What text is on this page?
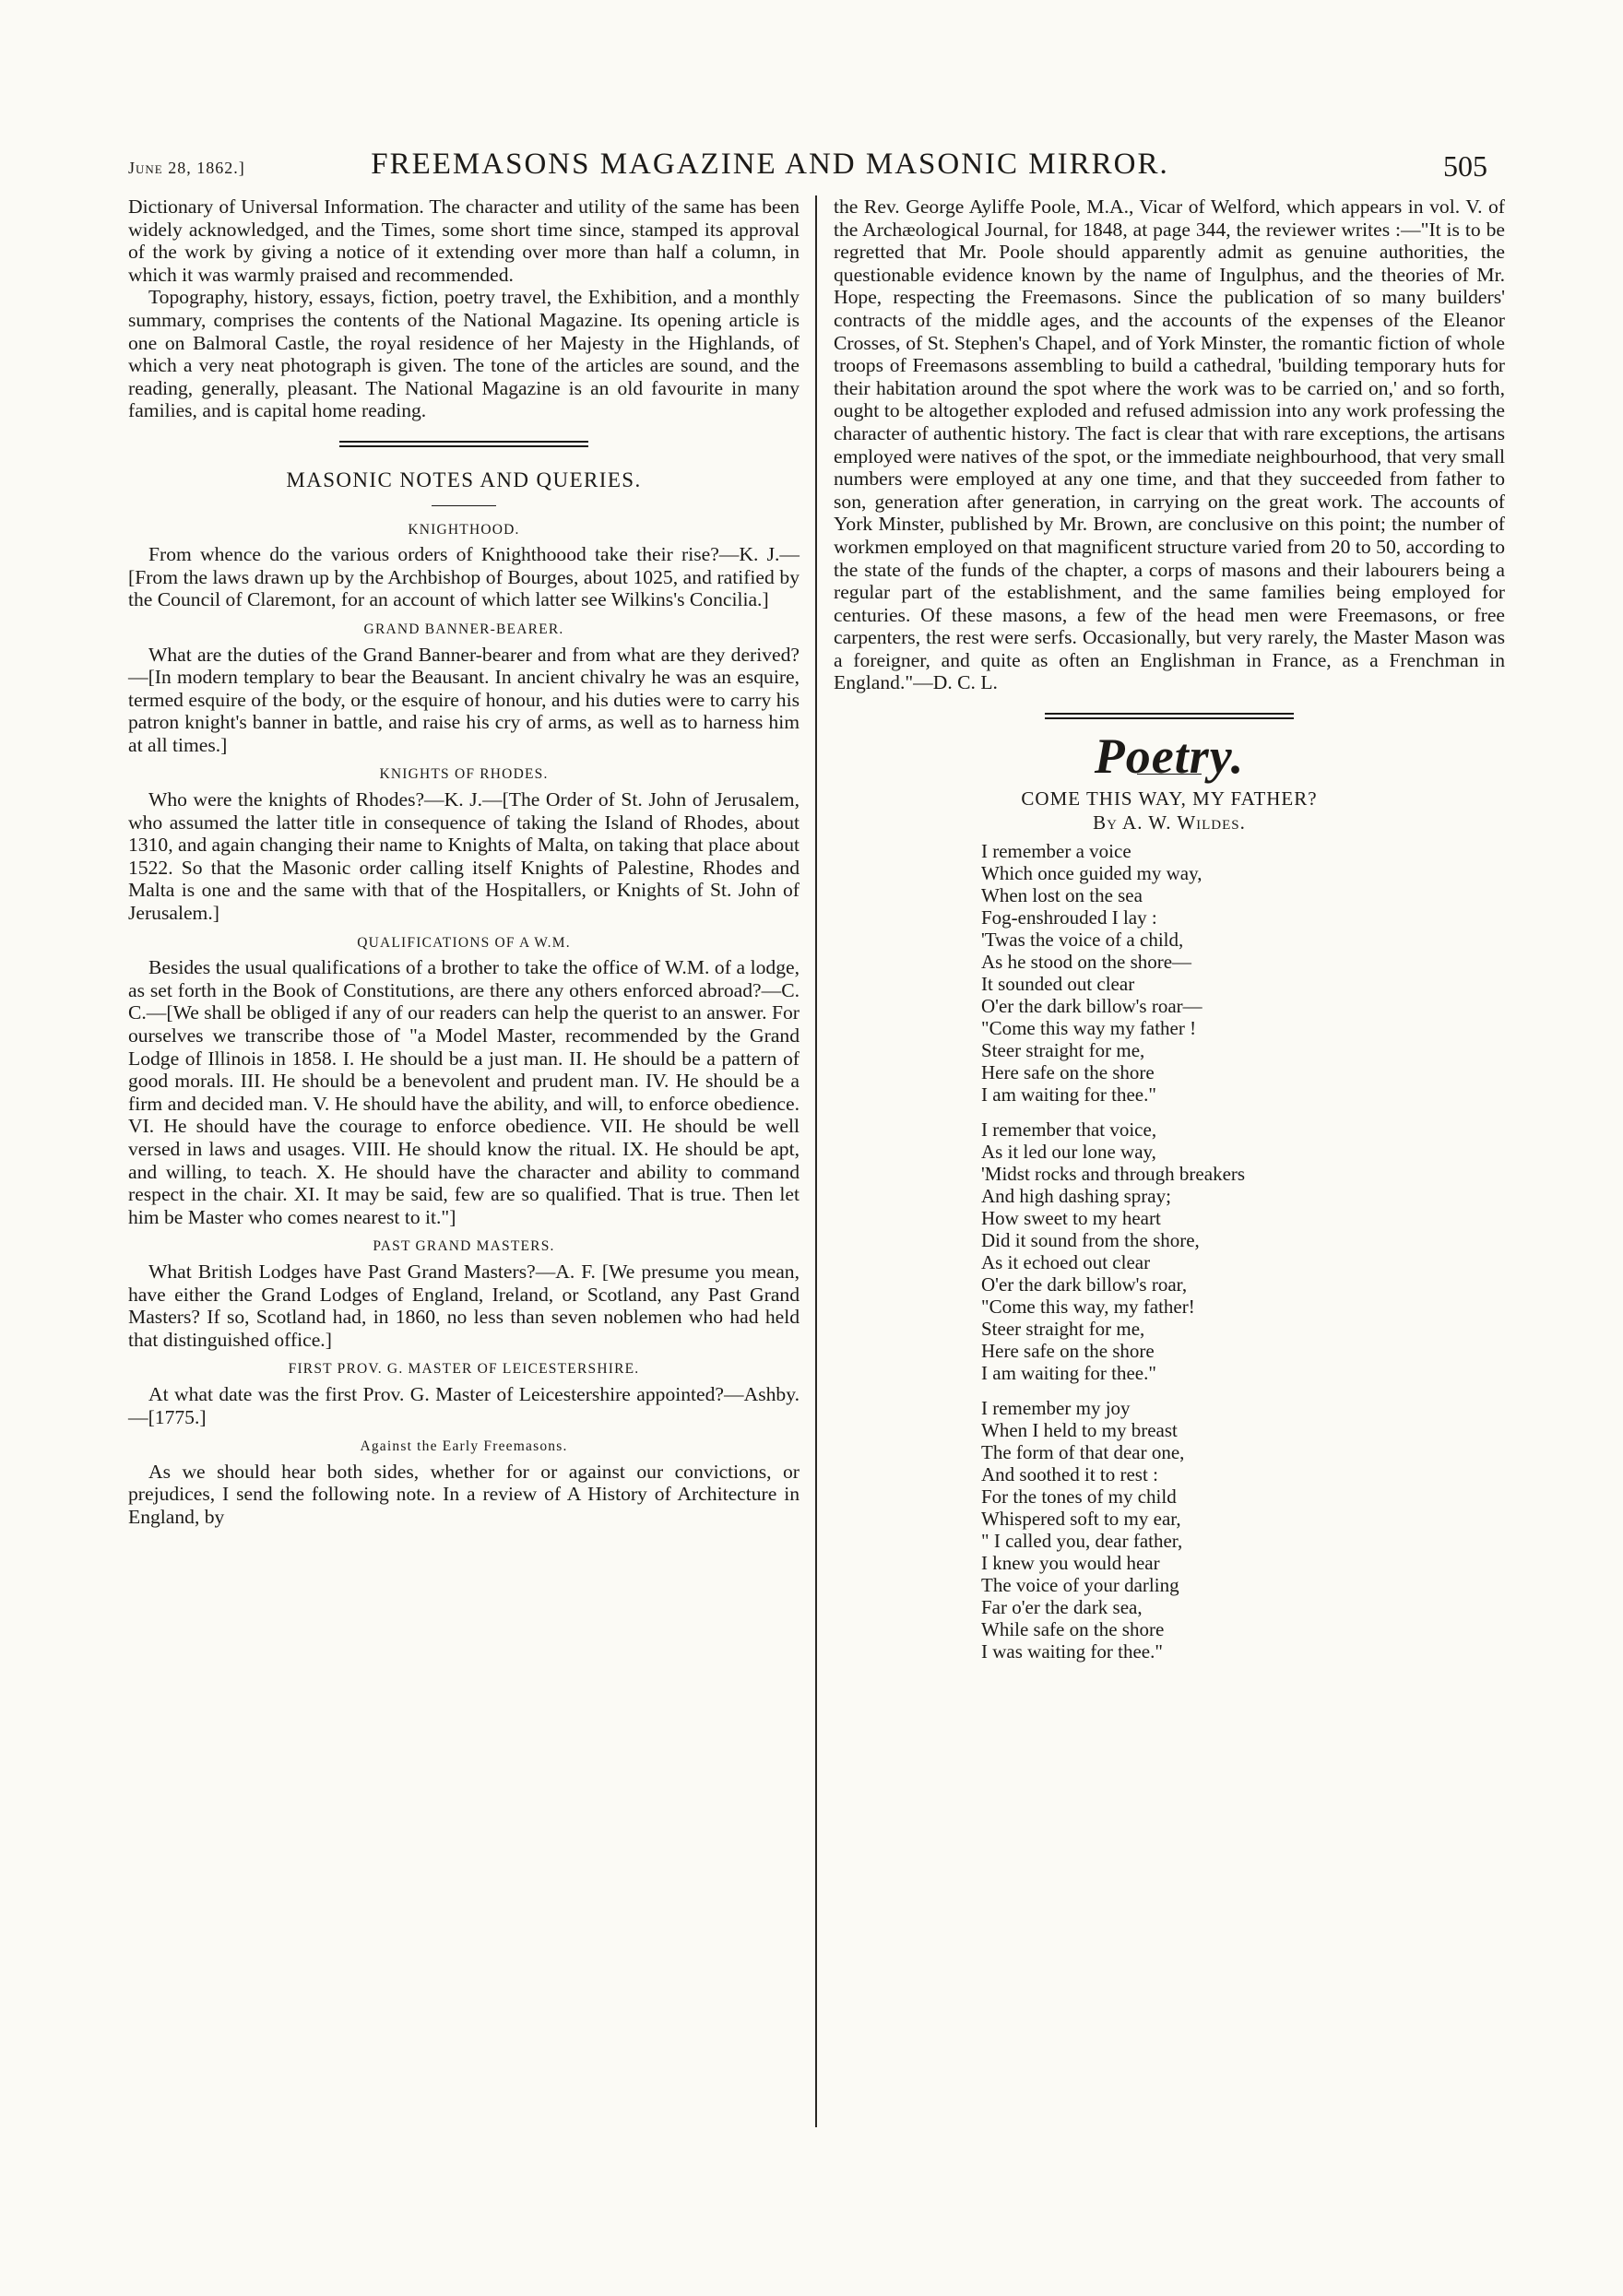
June 28, 1862.]	FREEMASONS MAGAZINE AND MASONIC MIRROR.	505

Dictionary of Universal Information. The character and utility of the same has been widely acknowledged, and the Times, some short time since, stamped its approval of the work by giving a notice of it extending over more than half a column, in which it was warmly praised and recommended.

Topography, history, essays, fiction, poetry travel, the Exhibition, and a monthly summary, comprises the contents of the National Magazine. Its opening article is one on Balmoral Castle, the royal residence of her Majesty in the Highlands, of which a very neat photograph is given. The tone of the articles are sound, and the reading, generally, pleasant. The National Magazine is an old favourite in many families, and is capital home reading.

MASONIC NOTES AND QUERIES.
KNIGHTHOOD.

From whence do the various orders of Knighthoood take their rise?—K. J.—[From the laws drawn up by the Archbishop of Bourges, about 1025, and ratified by the Council of Claremont, for an account of which latter see Wilkins's Concilia.]

GRAND BANNER-BEARER.

What are the duties of the Grand Banner-bearer and from what are they derived?—[In modern templary to bear the Beausant. In ancient chivalry he was an esquire, termed esquire of the body, or the esquire of honour, and his duties were to carry his patron knight's banner in battle, and raise his cry of arms, as well as to harness him at all times.]

KNIGHTS OF RHODES.

Who were the knights of Rhodes?—K. J.—[The Order of St. John of Jerusalem, who assumed the latter title in consequence of taking the Island of Rhodes, about 1310, and again changing their name to Knights of Malta, on taking that place about 1522. So that the Masonic order calling itself Knights of Palestine, Rhodes and Malta is one and the same with that of the Hospitallers, or Knights of St. John of Jerusalem.]

QUALIFICATIONS OF A W.M.

Besides the usual qualifications of a brother to take the office of W.M. of a lodge, as set forth in the Book of Constitutions, are there any others enforced abroad?—C. C.—[We shall be obliged if any of our readers can help the querist to an answer. For ourselves we transcribe those of "a Model Master, recommended by the Grand Lodge of Illinois in 1858. I. He should be a just man. II. He should be a pattern of good morals. III. He should be a benevolent and prudent man. IV. He should be a firm and decided man. V. He should have the ability, and will, to enforce obedience. VI. He should have the courage to enforce obedience. VII. He should be well versed in laws and usages. VIII. He should know the ritual. IX. He should be apt, and willing, to teach. X. He should have the character and ability to command respect in the chair. XI. It may be said, few are so qualified. That is true. Then let him be Master who comes nearest to it."]

PAST GRAND MASTERS.

What British Lodges have Past Grand Masters?—A. F. [We presume you mean, have either the Grand Lodges of England, Ireland, or Scotland, any Past Grand Masters? If so, Scotland had, in 1860, no less than seven noblemen who had held that distinguished office.]

FIRST PROV. G. MASTER OF LEICESTERSHIRE.

At what date was the first Prov. G. Master of Leicestershire appointed?—Ashby.—[1775.]

Against the Early Freemasons.

As we should hear both sides, whether for or against our convictions, or prejudices, I send the following note. In a review of A History of Architecture in England, by

the Rev. George Ayliffe Poole, M.A., Vicar of Welford, which appears in vol. V. of the Archæological Journal, for 1848, at page 344, the reviewer writes :—"It is to be regretted that Mr. Poole should apparently admit as genuine authorities, the questionable evidence known by the name of Ingulphus, and the theories of Mr. Hope, respecting the Freemasons. Since the publication of so many builders' contracts of the middle ages, and the accounts of the expenses of the Eleanor Crosses, of St. Stephen's Chapel, and of York Minster, the romantic fiction of whole troops of Freemasons assembling to build a cathedral, 'building temporary huts for their habitation around the spot where the work was to be carried on,' and so forth, ought to be altogether exploded and refused admission into any work professing the character of authentic history. The fact is clear that with rare exceptions, the artisans employed were natives of the spot, or the immediate neighbourhood, that very small numbers were employed at any one time, and that they succeeded from father to son, generation after generation, in carrying on the great work. The accounts of York Minster, published by Mr. Brown, are conclusive on this point; the number of workmen employed on that magnificent structure varied from 20 to 50, according to the state of the funds of the chapter, a corps of masons and their labourers being a regular part of the establishment, and the same families being employed for centuries. Of these masons, a few of the head men were Freemasons, or free carpenters, the rest were serfs. Occasionally, but very rarely, the Master Mason was a foreigner, and quite as often an Englishman in France, as a Frenchman in England."—D. C. L.

Poetry.
COME THIS WAY, MY FATHER?
By A. W. Wildes.
I remember a voice
Which once guided my way,
When lost on the sea
Fog-enshrouded I lay :
'Twas the voice of a child,
As he stood on the shore—
It sounded out clear
O'er the dark billow's roar—
"Come this way my father !
Steer straight for me,
Here safe on the shore
I am waiting for thee."
I remember that voice,
As it led our lone way,
'Midst rocks and through breakers
And high dashing spray;
How sweet to my heart
Did it sound from the shore,
As it echoed out clear
O'er the dark billow's roar,
"Come this way, my father!
Steer straight for me,
Here safe on the shore
I am waiting for thee."
I remember my joy
When I held to my breast
The form of that dear one,
And soothed it to rest :
For the tones of my child
Whispered soft to my ear,
" I called you, dear father,
I knew you would hear
The voice of your darling
Far o'er the dark sea,
While safe on the shore
I was waiting for thee."
